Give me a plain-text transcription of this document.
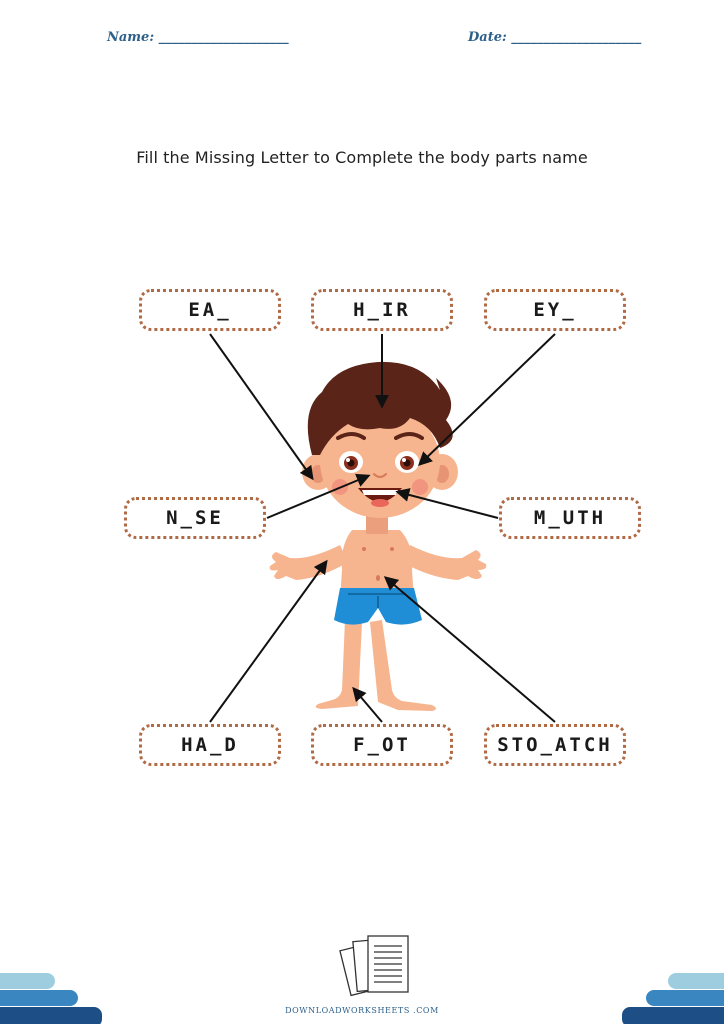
Name: ____________________	Date: ____________________
Fill the Missing Letter to Complete the body parts name
EA_	H_IR	EY_
N_SE	M_UTH
HA_D	F_OT	STO_ATCH
DOWNLOADWORKSHEETS .COM
